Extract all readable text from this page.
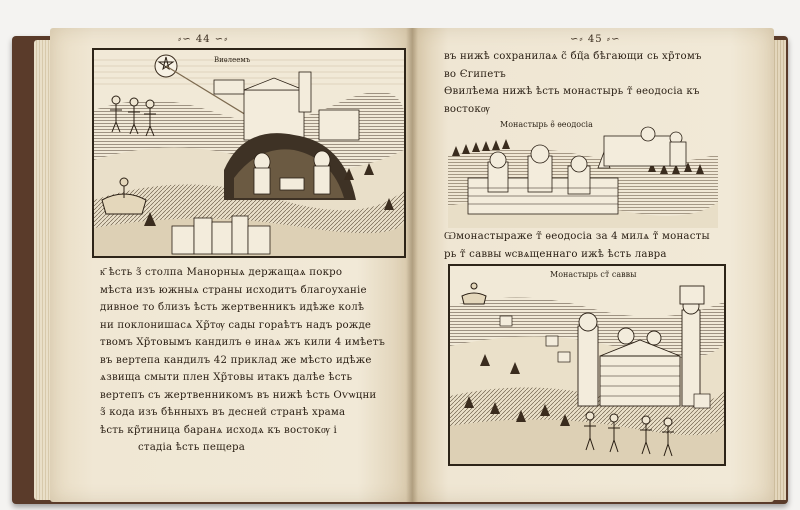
⸗∽ 44 ∽⸗
Виѳлеемъ
к҃ ѣсть з̃ столпа Манорныѧ держащаѧ покро
мѣста изъ южныѧ страны исходитъ благоуханіе
дивное то близъ ѣсть жертвенникъ идѣже колѣ
ни поклонишасѧ Хр̃тѹ сады гораѣтъ надъ рожде
твомъ Хр̃товымъ кандилъ ѳ инаѧ жъ кили 4 имѣетъ
въ вертепа кандилъ 42 приклад же мѣсто идѣже
ѧзвища смыти плен Хр̃товы итакъ далѣе ѣсть
вертепъ съ жертвенникомъ въ нижѣ ѣсть Оѵѡцни
з̃ кода изъ бѣнныхъ въ десней странѣ храма
ѣсть кр̃тиница баранѧ исходѧ къ востокѹ і
стадіа ѣсть пещера
∽⸗ 45 ⸗∽
въ нижѣ сохранилаѧ с̃ бц̃а бѣгающи сь хр̃томъ
во Єгипетъ
Ѳвилѣема нижѣ ѣсть монастырь т̃ ѳеодосіа къ
востокѹ
Монастырь ѳ̃ ѳеодосіа
Ѡмонастыраже т̃ ѳеодосіа за 4 милѧ т̃ монасты
рь т̃ саввы ѡсвѧщеннаго ижѣ ѣсть лавра
Монастырь ст̃ саввы
